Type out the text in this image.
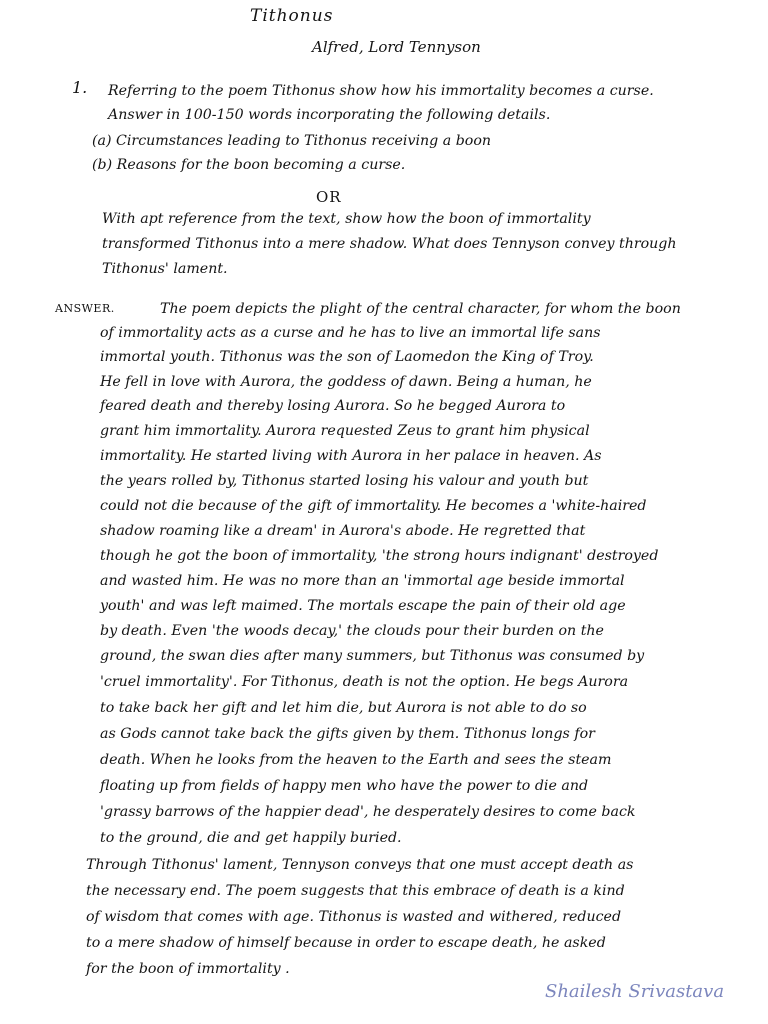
Tithonus
Alfred, Lord Tennyson
1. Referring to the poem Tithonus show how his immortality becomes a curse.
Answer in 100-150 words incorporating the following details.
(a) Circumstances leading to Tithonus receiving a boon
(b) Reasons for the boon becoming a curse.
OR
With apt reference from the text, show how the boon of immortality
transformed Tithonus into a mere shadow. What does Tennyson convey through
Tithonus' lament.
ANSWER.	The poem depicts the plight of the central character, for whom the boon
of immortality acts as a curse and he has to live an immortal life sans
immortal youth. Tithonus was the son of Laomedon the King of Troy.
He fell in love with Aurora, the goddess of dawn. Being a human, he
feared death and thereby losing Aurora. So he begged Aurora to
grant him immortality. Aurora requested Zeus to grant him physical
immortality. He started living with Aurora in her palace in heaven. As
the years rolled by, Tithonus started losing his valour and youth but
could not die because of the gift of immortality. He becomes a 'white-haired
shadow roaming like a dream' in Aurora's abode. He regretted that
though he got the boon of immortality, 'the strong hours indignant' destroyed
and wasted him. He was no more than an 'immortal age beside immortal
youth' and was left maimed. The mortals escape the pain of their old age
by death. Even 'the woods decay,' the clouds pour their burden on the
ground, the swan dies after many summers, but Tithonus was consumed by
'cruel immortality'. For Tithonus, death is not the option. He begs Aurora
to take back her gift and let him die, but Aurora is not able to do so
as Gods cannot take back the gifts given by them. Tithonus longs for
death. When he looks from the heaven to the Earth and sees the steam
floating up from fields of happy men who have the power to die and
'grassy barrows of the happier dead', he desperately desires to come back
to the ground, die and get happily buried.
Through Tithonus' lament, Tennyson conveys that one must accept death as
the necessary end. The poem suggests that this embrace of death is a kind
of wisdom that comes with age. Tithonus is wasted and withered, reduced
to a mere shadow of himself because in order to escape death, he asked
for the boon of immortality .
Shailesh Srivastava
